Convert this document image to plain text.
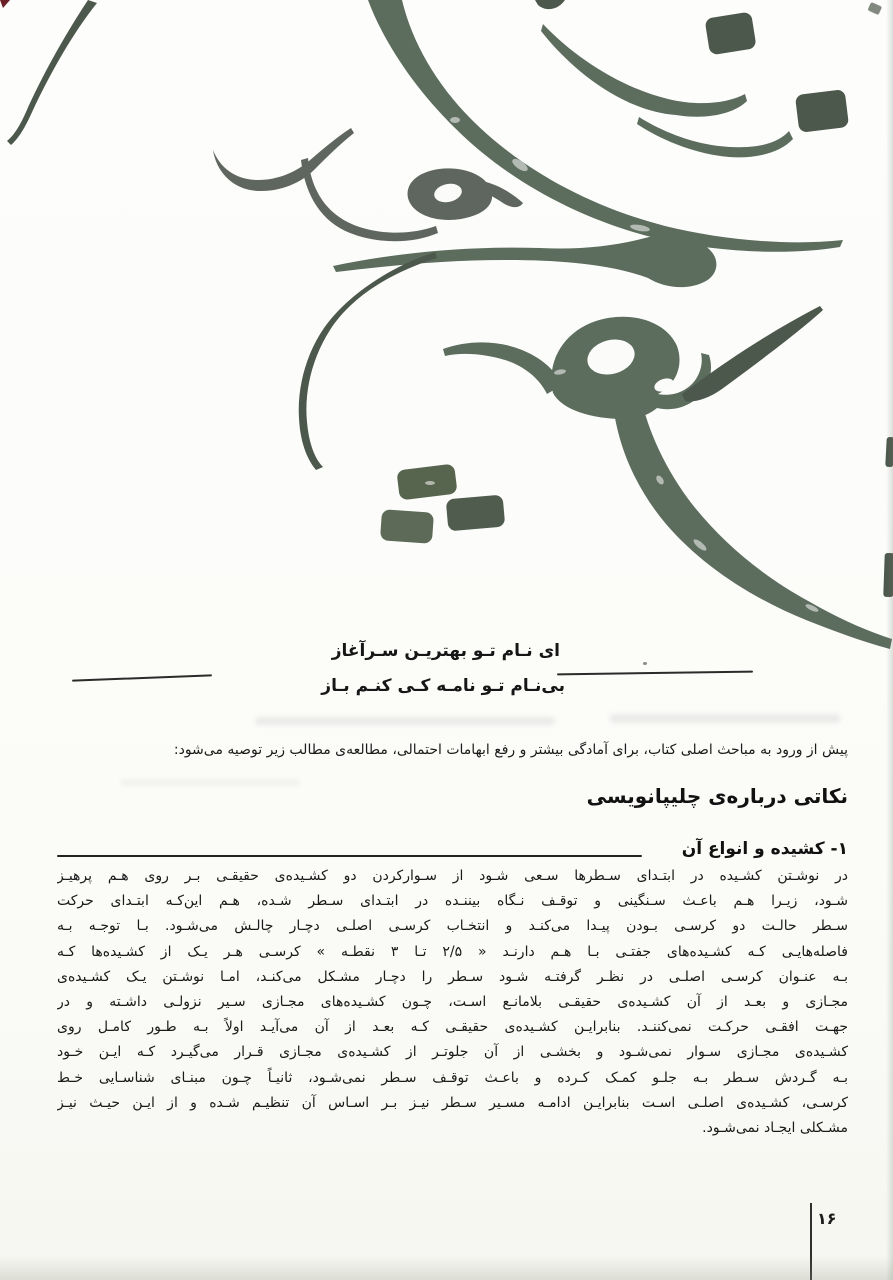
ای نـام تـو بهتریـن سـرآغاز
بی‌نـام تـو نامـه کـی کنـم بـاز
پیش از ورود به مباحث اصلی کتاب، برای آمادگی بیشتر و رفع ابهامات احتمالی، مطالعه‌ی مطالب زیر توصیه می‌شود:
نکاتی درباره‌ی چلیپانویسی
۱- کشیده و انواع آن
در نوشـتن کشـیده در ابتـدای سـطرها سـعی شـود از سـوارکردن دو کشـیده‌ی حقیقـی بـر روی هـم پرهیـز
شـود، زیـرا هـم باعـث سـنگینی و توقـف نـگاه بیننـده در ابتـدای سـطر شـده، هـم این‌کـه ابتـدای حرکت
سـطر حالـت دو کرسـی بـودن پیـدا می‌کنـد و انتخـاب کرسـی اصلـی دچـار چالـش می‌شـود. بـا توجـه بـه
فاصله‌هایـی کـه کشـیده‌های جفتـی بـا هـم دارنـد « ۲/۵ تـا ۳ نقطـه » کرسـی هـر یـک از کشـیده‌ها کـه
بـه عنـوان کرسـی اصلـی در نظـر گرفتـه شـود سـطر را دچـار مشـکل می‌کنـد، امـا نوشـتن یـک کشـیده‌ی
مجـازی و بعـد از آن کشـیده‌ی حقیقـی بلامانـع اسـت، چـون کشـیده‌های مجـازی سـیر نزولـی داشـته و در
جهـت افقـی حرکـت نمی‌کننـد. بنابرایـن کشـیده‌ی حقیقـی کـه بعـد از آن می‌آیـد اولاً بـه طـور کامـل روی
کشـیده‌ی مجـازی سـوار نمی‌شـود و بخشـی از آن جلوتـر از کشـیده‌ی مجـازی قـرار می‌گیـرد کـه ایـن خـود
بـه گـردش سـطر بـه جلـو کمـک کـرده و باعـث توقـف سـطر نمی‌شـود، ثانیـاً چـون مبنـای شناسـایی خـط
کرسـی، کشـیده‌ی اصلـی اسـت بنابرایـن ادامـه مسـیر سـطر نیـز بـر اسـاس آن تنظیـم شـده و از ایـن حیـث نیـز
مشـکلی ایجـاد نمی‌شـود.
۱۶
